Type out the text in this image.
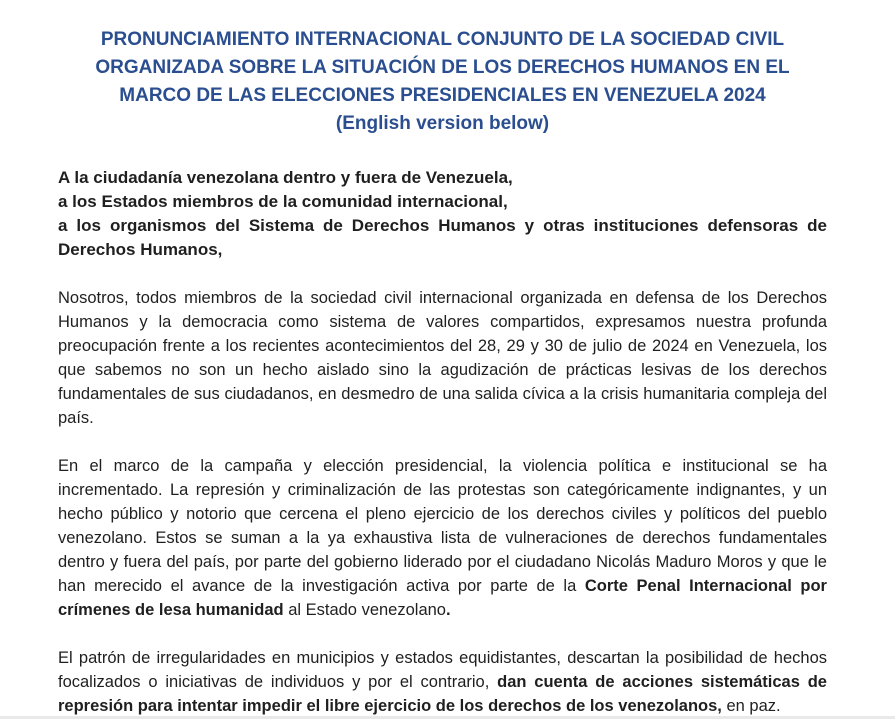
PRONUNCIAMIENTO INTERNACIONAL CONJUNTO DE LA SOCIEDAD CIVIL
ORGANIZADA SOBRE LA SITUACIÓN DE LOS DERECHOS HUMANOS EN EL
MARCO DE LAS ELECCIONES PRESIDENCIALES EN VENEZUELA 2024
(English version below)
A la ciudadanía venezolana dentro y fuera de Venezuela,
a los Estados miembros de la comunidad internacional,
a los organismos del Sistema de Derechos Humanos y otras instituciones defensoras de Derechos Humanos,

Nosotros, todos miembros de la sociedad civil internacional organizada en defensa de los Derechos Humanos y la democracia como sistema de valores compartidos, expresamos nuestra profunda preocupación frente a los recientes acontecimientos del 28, 29 y 30 de julio de 2024 en Venezuela, los que sabemos no son un hecho aislado sino la agudización de prácticas lesivas de los derechos fundamentales de sus ciudadanos, en desmedro de una salida cívica a la crisis humanitaria compleja del país.

En el marco de la campaña y elección presidencial, la violencia política e institucional se ha incrementado. La represión y criminalización de las protestas son categóricamente indignantes, y un hecho público y notorio que cercena el pleno ejercicio de los derechos civiles y políticos del pueblo venezolano. Estos se suman a la ya exhaustiva lista de vulneraciones de derechos fundamentales dentro y fuera del país, por parte del gobierno liderado por el ciudadano Nicolás Maduro Moros y que le han merecido el avance de la investigación activa por parte de la Corte Penal Internacional por crímenes de lesa humanidad al Estado venezolano.

El patrón de irregularidades en municipios y estados equidistantes, descartan la posibilidad de hechos focalizados o iniciativas de individuos y por el contrario, dan cuenta de acciones sistemáticas de represión para intentar impedir el libre ejercicio de los derechos de los venezolanos, en paz.
